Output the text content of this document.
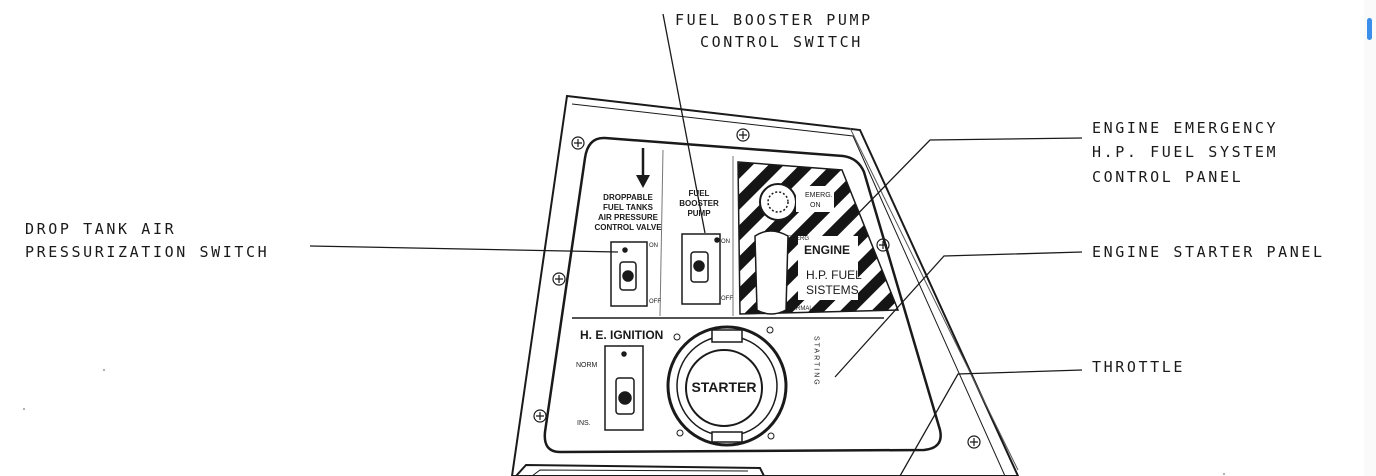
FUEL BOOSTER PUMP
CONTROL SWITCH
DROP TANK AIR
PRESSURIZATION SWITCH
ENGINE EMERGENCY
H.P. FUEL SYSTEM
CONTROL PANEL
ENGINE STARTER PANEL
THROTTLE
DROPPABLE
FUEL TANKS
AIR PRESSURE
CONTROL VALVE
FUEL
BOOSTER
PUMP
ON
OFF
ON
OFF
EMERG.
ON
EMERG
NORMAL
ENGINE
H.P. FUEL
SISTEMS
H. E. IGNITION
NORM
INS.
STARTER
STARTING
